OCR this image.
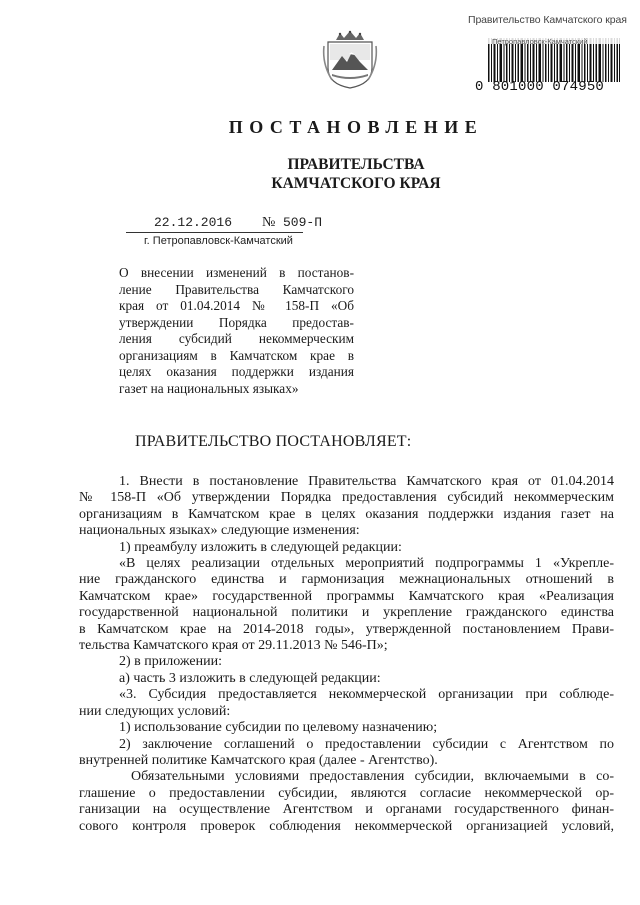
Правительство Камчатского края
Петропавловск-Камчатский
0 801000 074950
ПОСТАНОВЛЕНИЕ
ПРАВИТЕЛЬСТВА
КАМЧАТСКОГО КРАЯ
22.12.2016 № 509-П
г. Петропавловск-Камчатский

О внесении изменений в постанов-

ление Правительства Камчатского

края от 01.04.2014 № 158-П «Об

утверждении Порядка предостав-

ления субсидий некоммерческим

организациям в Камчатском крае в

целях оказания поддержки издания

газет на национальных языках»

ПРАВИТЕЛЬСТВО ПОСТАНОВЛЯЕТ:

1. Внести в постановление Правительства Камчатского края от 01.04.2014

№ 158-П «Об утверждении Порядка предоставления субсидий некоммерческим

организациям в Камчатском крае в целях оказания поддержки издания газет на

национальных языках» следующие изменения:

1) преамбулу изложить в следующей редакции:

«В целях реализации отдельных мероприятий подпрограммы 1 «Укрепле-

ние гражданского единства и гармонизация межнациональных отношений в

Камчатском крае» государственной программы Камчатского края «Реализация

государственной национальной политики и укрепление гражданского единства

в Камчатском крае на 2014-2018 годы», утвержденной постановлением Прави-

тельства Камчатского края от 29.11.2013 № 546-П»;

2) в приложении:

а) часть 3 изложить в следующей редакции:

«3. Субсидия предоставляется некоммерческой организации при соблюде-

нии следующих условий:

1) использование субсидии по целевому назначению;

2) заключение соглашений о предоставлении субсидии с Агентством по

внутренней политике Камчатского края (далее - Агентство).

Обязательными условиями предоставления субсидии, включаемыми в со-

глашение о предоставлении субсидии, являются согласие некоммерческой ор-

ганизации на осуществление Агентством и органами государственного финан-

сового контроля проверок соблюдения некоммерческой организацией условий,
